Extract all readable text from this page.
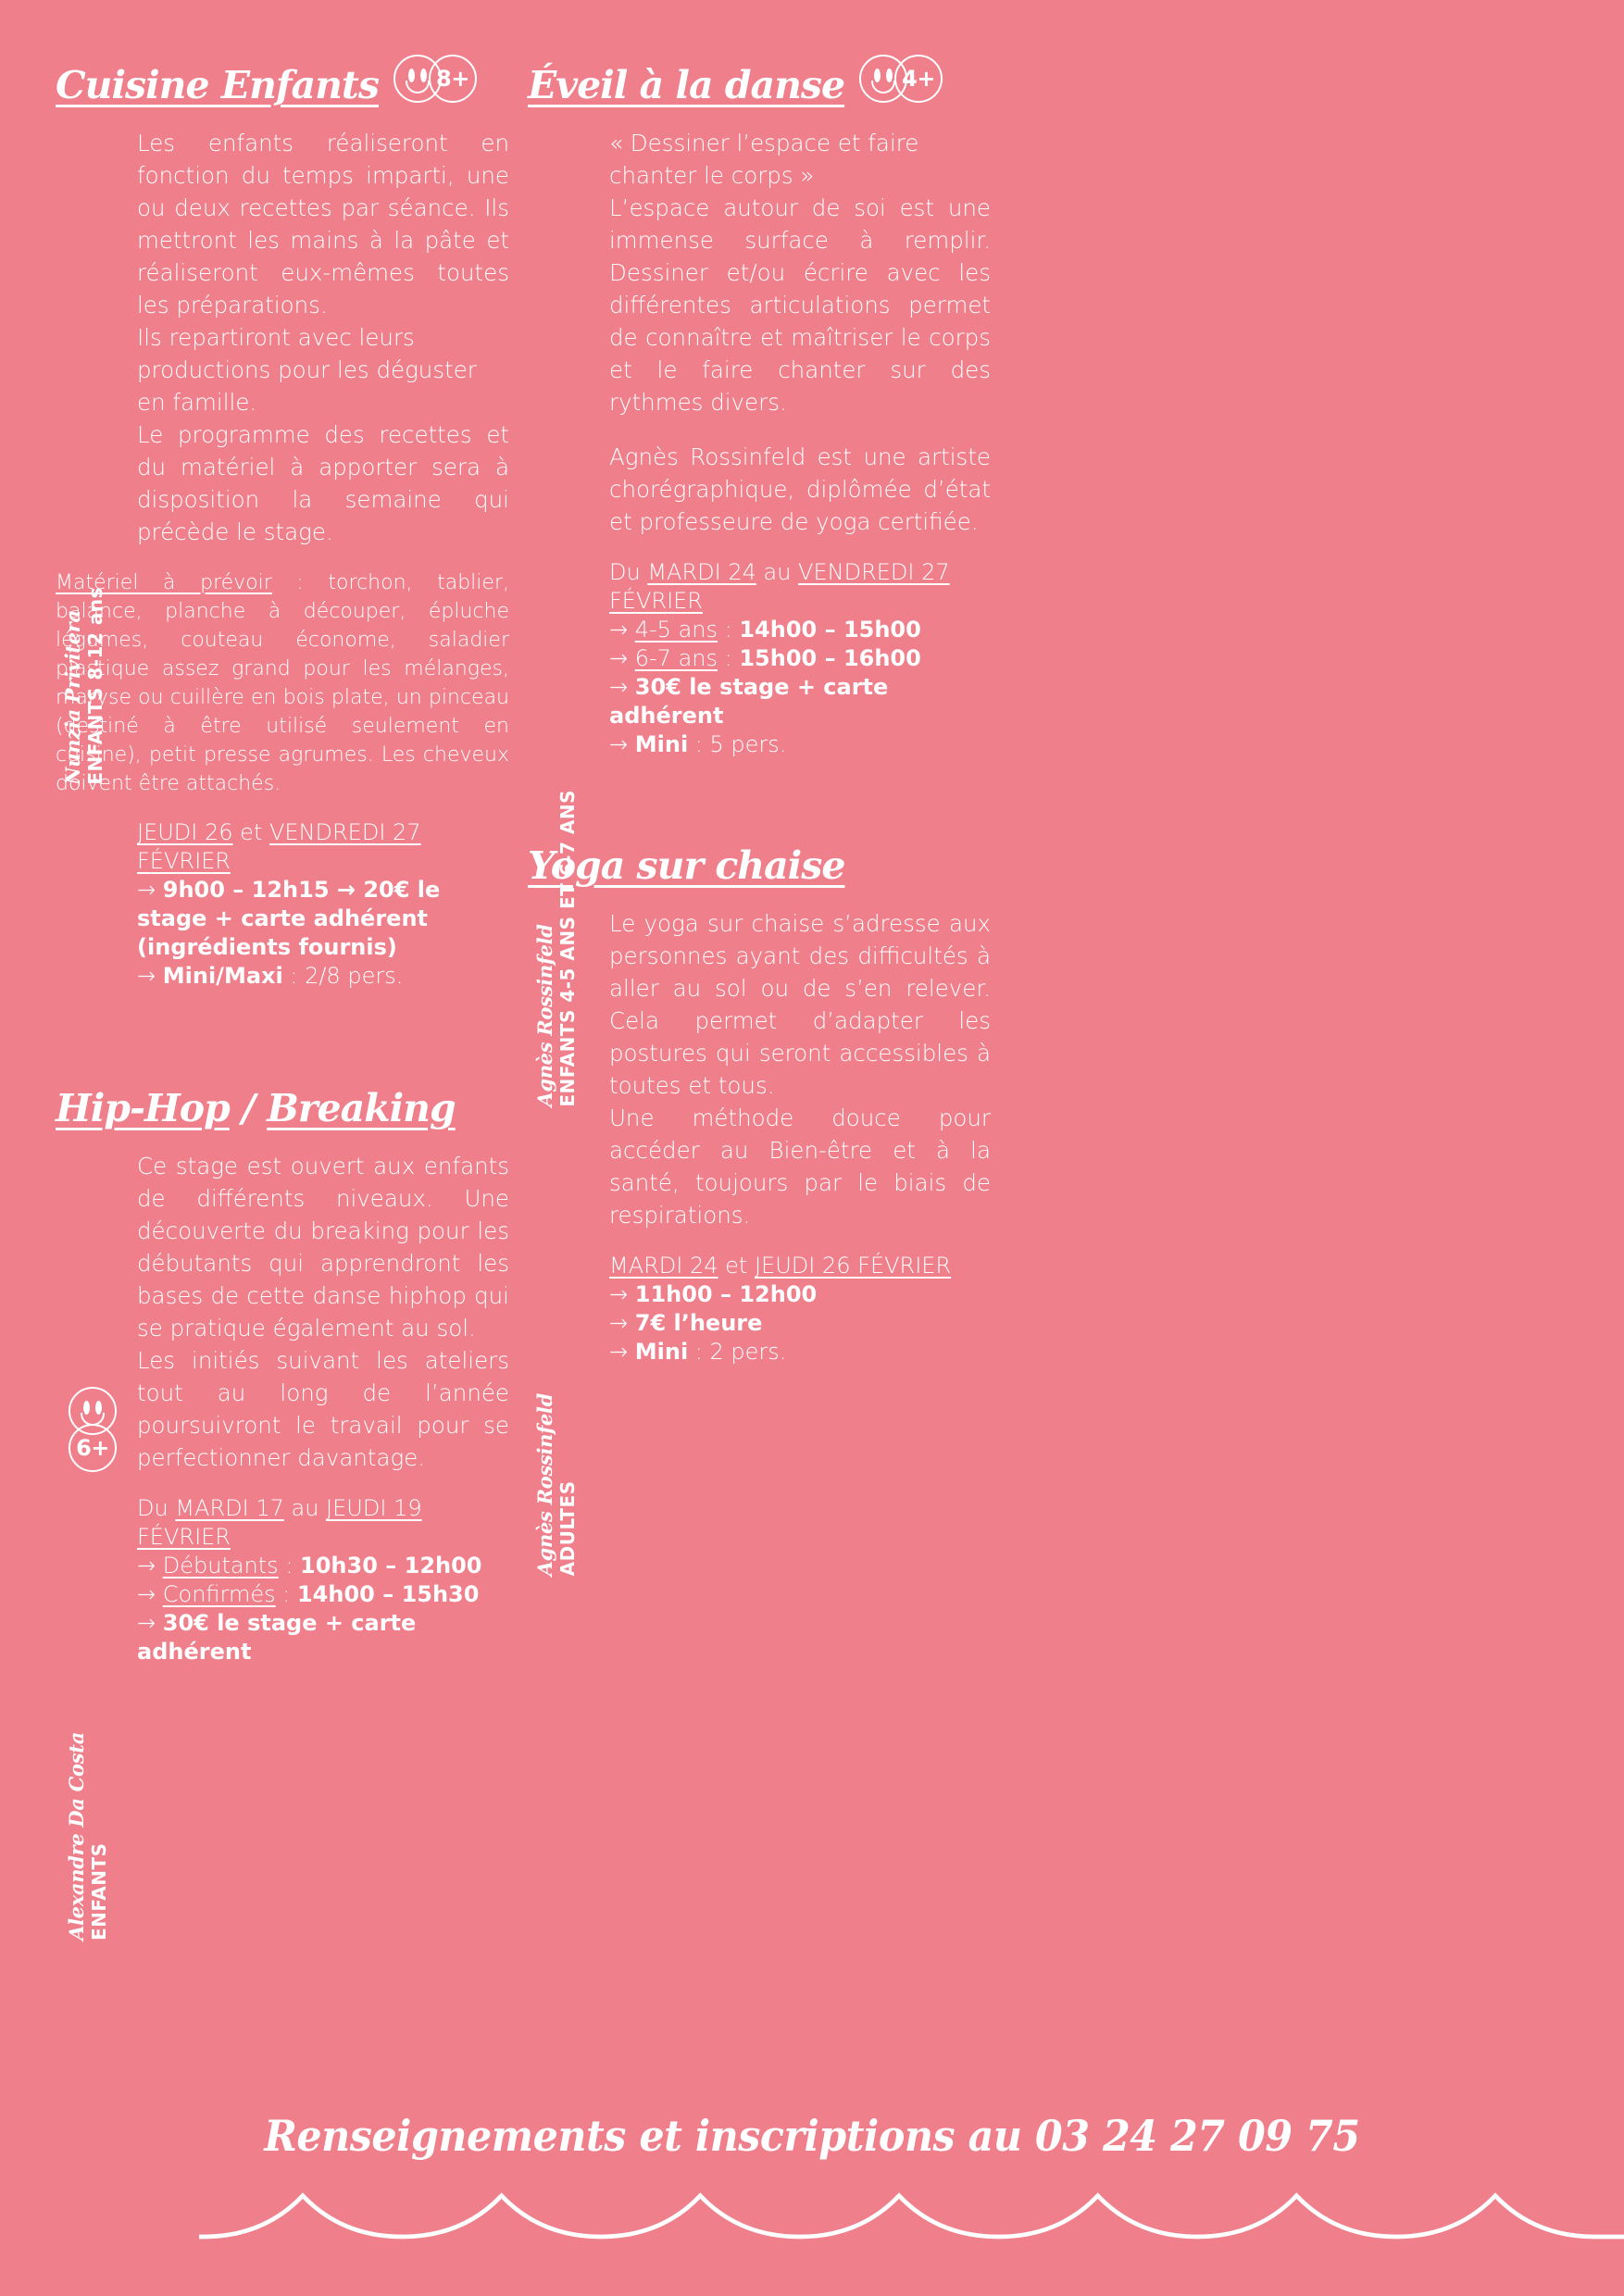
Cuisine Enfants	8+
Nunzia Privitera ENFANTS 8-12 ans

Les enfants réaliseront en fonction du temps imparti, une ou deux recettes par séance. Ils mettront les mains à la pâte et réaliseront eux-mêmes toutes les préparations.

Ils repartiront avec leurs productions pour les déguster en famille.

Le programme des recettes et du matériel à apporter sera à disposition la semaine qui précède le stage.

Matériel à prévoir : torchon, tablier, balance, planche à découper, épluche légumes, couteau économe, saladier plastique assez grand pour les mélanges, maryse ou cuillère en bois plate, un pinceau (destiné à être utilisé seulement en cuisine), petit presse agrumes. Les cheveux doivent être attachés.

JEUDI 26 et VENDREDI 27 FÉVRIER
→ 9h00 – 12h15 → 20€ le stage + carte adhérent (ingrédients fournis)
→ Mini/Maxi : 2/8 pers.
Hip-Hop / Breaking
Alexandre Da Costa ENFANTS
6+

Ce stage est ouvert aux enfants de différents niveaux. Une découverte du breaking pour les débutants qui apprendront les bases de cette danse hiphop qui se pratique également au sol.

Les initiés suivant les ateliers tout au long de l’année poursuivront le travail pour se perfectionner davantage.

Du MARDI 17 au JEUDI 19 FÉVRIER
→ Débutants : 10h30 – 12h00
→ Confirmés : 14h00 – 15h30
→ 30€ le stage + carte adhérent
Éveil à la danse	4+
Agnès Rossinfeld ENFANTS 4-5 ANS ET 6-7 ANS

« Dessiner l’espace et faire chanter le corps »

L’espace autour de soi est une immense surface à remplir. Dessiner et/ou écrire avec les différentes articulations permet de connaître et maîtriser le corps et le faire chanter sur des rythmes divers.

Agnès Rossinfeld est une artiste chorégraphique, diplômée d’état et professeure de yoga certifiée.

Du MARDI 24 au VENDREDI 27 FÉVRIER
→ 4-5 ans : 14h00 – 15h00
→ 6-7 ans : 15h00 – 16h00
→ 30€ le stage + carte adhérent
→ Mini : 5 pers.
Yoga sur chaise
Agnès Rossinfeld ADULTES

Le yoga sur chaise s’adresse aux personnes ayant des difficultés à aller au sol ou de s’en relever. Cela permet d’adapter les postures qui seront accessibles à toutes et tous.

Une méthode douce pour accéder au Bien-être et à la santé, toujours par le biais de respirations.

MARDI 24 et JEUDI 26 FÉVRIER
→ 11h00 – 12h00
→ 7€ l’heure
→ Mini : 2 pers.
Renseignements et inscriptions au 03 24 27 09 75
